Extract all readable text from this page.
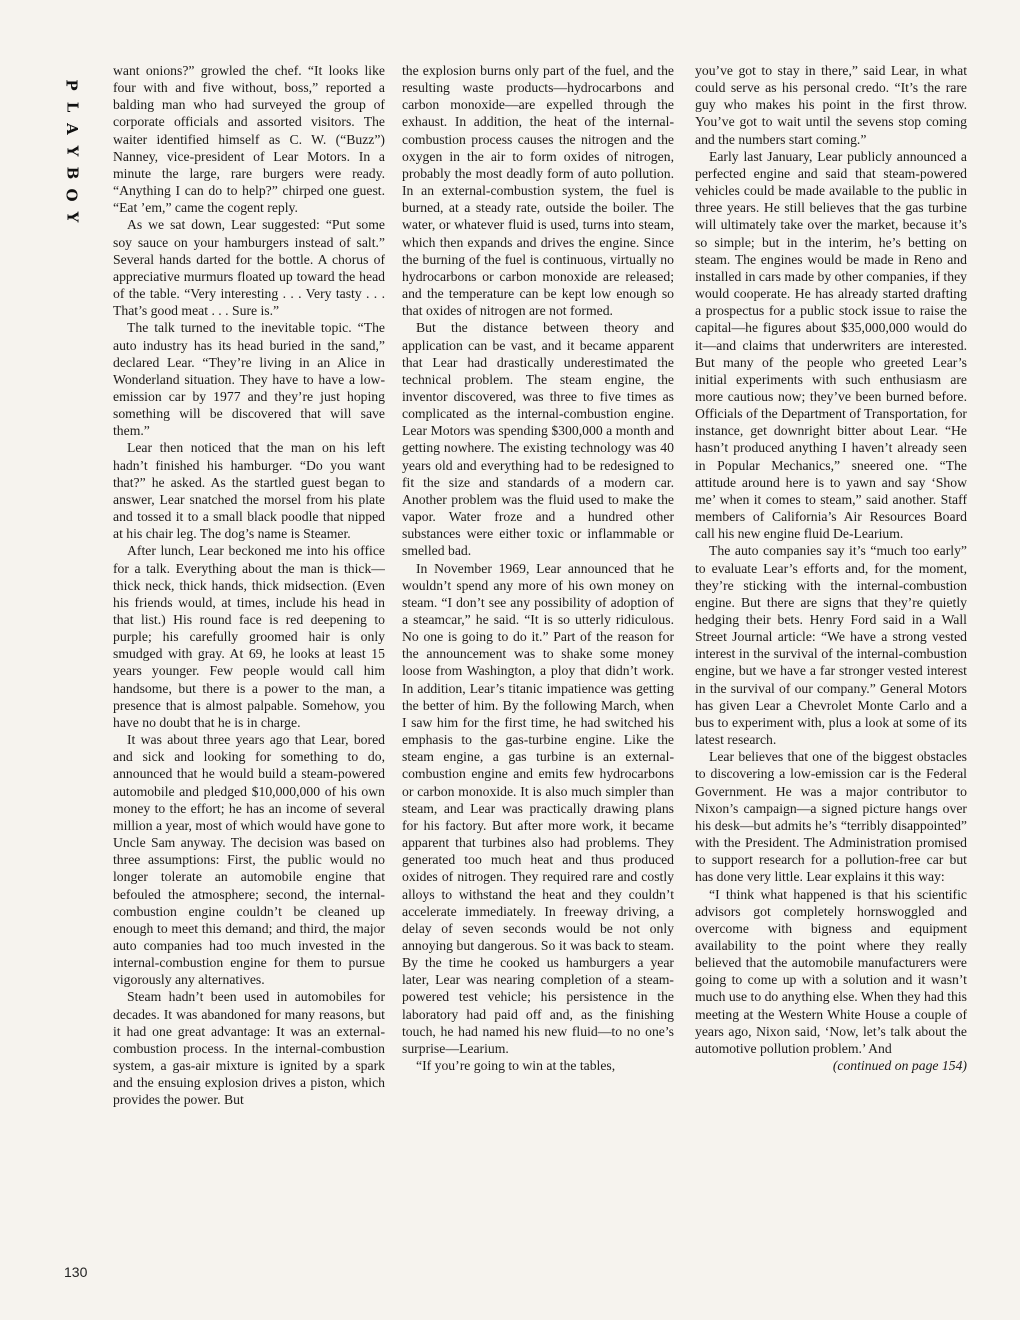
P
L
A
Y
B
O
Y

want onions?” growled the chef. “It looks like four with and five without, boss,” reported a balding man who had surveyed the group of corporate officials and assorted visitors. The waiter identified himself as C. W. (“Buzz”) Nanney, vice-president of Lear Motors. In a minute the large, rare burgers were ready. “Anything I can do to help?” chirped one guest. “Eat ’em,” came the cogent reply.

As we sat down, Lear suggested: “Put some soy sauce on your hamburgers instead of salt.” Several hands darted for the bottle. A chorus of appreciative murmurs floated up toward the head of the table. “Very interesting . . . Very tasty . . . That’s good meat . . . Sure is.”

The talk turned to the inevitable topic. “The auto industry has its head buried in the sand,” declared Lear. “They’re living in an Alice in Wonderland situation. They have to have a low-emission car by 1977 and they’re just hoping something will be discovered that will save them.”

Lear then noticed that the man on his left hadn’t finished his hamburger. “Do you want that?” he asked. As the startled guest began to answer, Lear snatched the morsel from his plate and tossed it to a small black poodle that nipped at his chair leg. The dog’s name is Steamer.

After lunch, Lear beckoned me into his office for a talk. Everything about the man is thick—thick neck, thick hands, thick midsection. (Even his friends would, at times, include his head in that list.) His round face is red deepening to purple; his carefully groomed hair is only smudged with gray. At 69, he looks at least 15 years younger. Few people would call him handsome, but there is a power to the man, a presence that is almost palpable. Somehow, you have no doubt that he is in charge.

It was about three years ago that Lear, bored and sick and looking for something to do, announced that he would build a steam-powered automobile and pledged $10,000,000 of his own money to the effort; he has an income of several million a year, most of which would have gone to Uncle Sam anyway. The decision was based on three assumptions: First, the public would no longer tolerate an automobile engine that befouled the atmosphere; second, the internal-combustion engine couldn’t be cleaned up enough to meet this demand; and third, the major auto companies had too much invested in the internal-combustion engine for them to pursue vigorously any alternatives.

Steam hadn’t been used in automobiles for decades. It was abandoned for many reasons, but it had one great advantage: It was an external-combustion process. In the internal-combustion system, a gas-air mixture is ignited by a spark and the ensuing explosion drives a piston, which provides the power. But

the explosion burns only part of the fuel, and the resulting waste products—hydrocarbons and carbon monoxide—are expelled through the exhaust. In addition, the heat of the internal-combustion process causes the nitrogen and the oxygen in the air to form oxides of nitrogen, probably the most deadly form of auto pollution. In an external-combustion system, the fuel is burned, at a steady rate, outside the boiler. The water, or whatever fluid is used, turns into steam, which then expands and drives the engine. Since the burning of the fuel is continuous, virtually no hydrocarbons or carbon monoxide are released; and the temperature can be kept low enough so that oxides of nitrogen are not formed.

But the distance between theory and application can be vast, and it became apparent that Lear had drastically underestimated the technical problem. The steam engine, the inventor discovered, was three to five times as complicated as the internal-combustion engine. Lear Motors was spending $300,000 a month and getting nowhere. The existing technology was 40 years old and everything had to be redesigned to fit the size and standards of a modern car. Another problem was the fluid used to make the vapor. Water froze and a hundred other substances were either toxic or inflammable or smelled bad.

In November 1969, Lear announced that he wouldn’t spend any more of his own money on steam. “I don’t see any possibility of adoption of a steamcar,” he said. “It is so utterly ridiculous. No one is going to do it.” Part of the reason for the announcement was to shake some money loose from Washington, a ploy that didn’t work. In addition, Lear’s titanic impatience was getting the better of him. By the following March, when I saw him for the first time, he had switched his emphasis to the gas-turbine engine. Like the steam engine, a gas turbine is an external-combustion engine and emits few hydrocarbons or carbon monoxide. It is also much simpler than steam, and Lear was practically drawing plans for his factory. But after more work, it became apparent that turbines also had problems. They generated too much heat and thus produced oxides of nitrogen. They required rare and costly alloys to withstand the heat and they couldn’t accelerate immediately. In freeway driving, a delay of seven seconds would be not only annoying but dangerous. So it was back to steam. By the time he cooked us hamburgers a year later, Lear was nearing completion of a steam-powered test vehicle; his persistence in the laboratory had paid off and, as the finishing touch, he had named his new fluid—to no one’s surprise—Learium.

“If you’re going to win at the tables,

you’ve got to stay in there,” said Lear, in what could serve as his personal credo. “It’s the rare guy who makes his point in the first throw. You’ve got to wait until the sevens stop coming and the numbers start coming.”

Early last January, Lear publicly announced a perfected engine and said that steam-powered vehicles could be made available to the public in three years. He still believes that the gas turbine will ultimately take over the market, because it’s so simple; but in the interim, he’s betting on steam. The engines would be made in Reno and installed in cars made by other companies, if they would cooperate. He has already started drafting a prospectus for a public stock issue to raise the capital—he figures about $35,000,000 would do it—and claims that underwriters are interested. But many of the people who greeted Lear’s initial experiments with such enthusiasm are more cautious now; they’ve been burned before. Officials of the Department of Transportation, for instance, get downright bitter about Lear. “He hasn’t produced anything I haven’t already seen in Popular Mechanics,” sneered one. “The attitude around here is to yawn and say ‘Show me’ when it comes to steam,” said another. Staff members of California’s Air Resources Board call his new engine fluid De-Learium.

The auto companies say it’s “much too early” to evaluate Lear’s efforts and, for the moment, they’re sticking with the internal-combustion engine. But there are signs that they’re quietly hedging their bets. Henry Ford said in a Wall Street Journal article: “We have a strong vested interest in the survival of the internal-combustion engine, but we have a far stronger vested interest in the survival of our company.” General Motors has given Lear a Chevrolet Monte Carlo and a bus to experiment with, plus a look at some of its latest research.

Lear believes that one of the biggest obstacles to discovering a low-emission car is the Federal Government. He was a major contributor to Nixon’s campaign—a signed picture hangs over his desk—but admits he’s “terribly disappointed” with the President. The Administration promised to support research for a pollution-free car but has done very little. Lear explains it this way:

“I think what happened is that his scientific advisors got completely hornswoggled and overcome with bigness and equipment availability to the point where they really believed that the automobile manufacturers were going to come up with a solution and it wasn’t much use to do anything else. When they had this meeting at the Western White House a couple of years ago, Nixon said, ‘Now, let’s talk about the automotive pollution problem.’ And

(continued on page 154)

130
